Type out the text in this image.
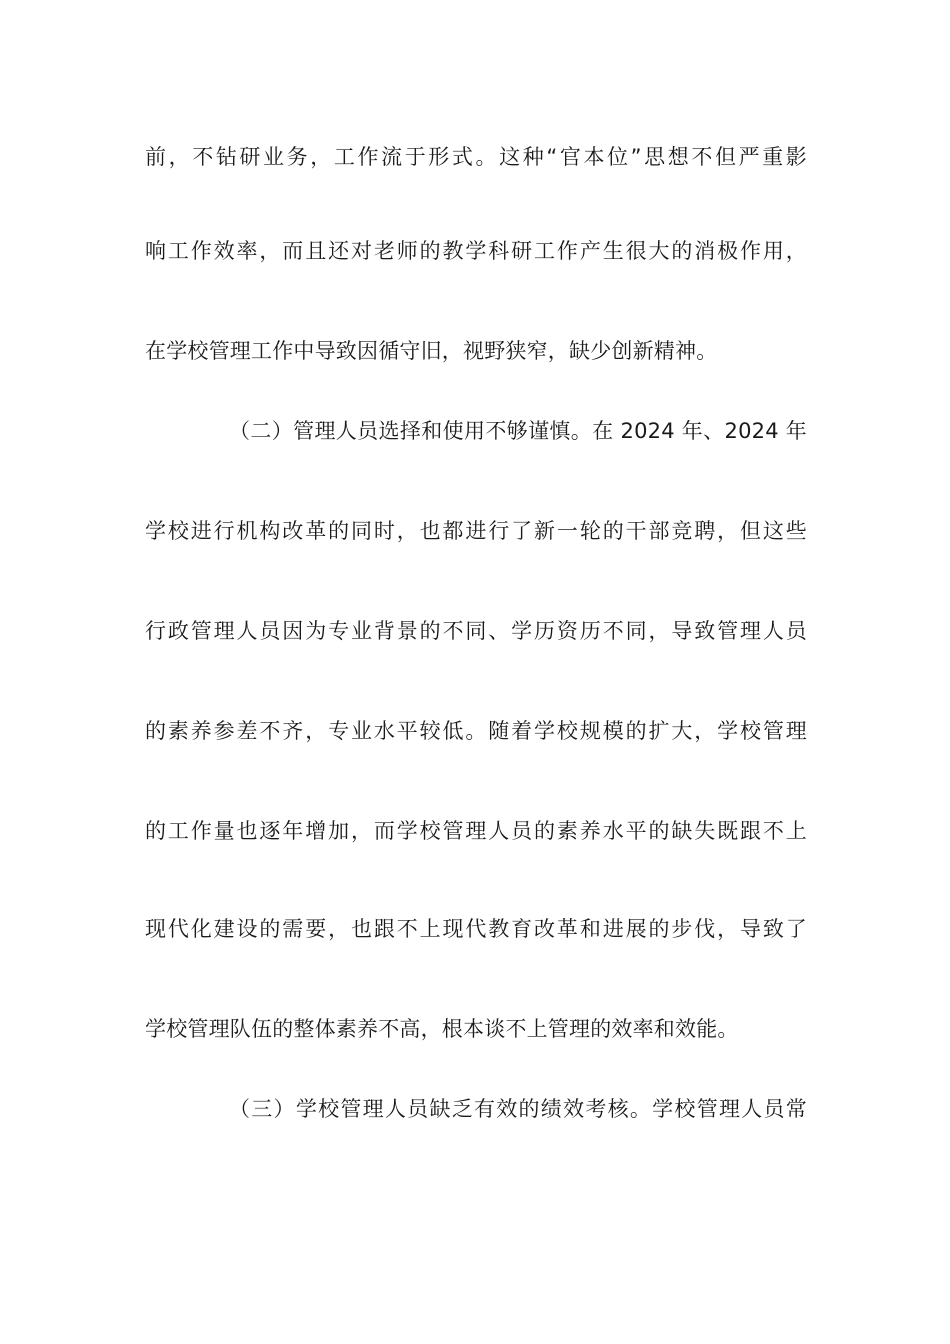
前，不钻研业务，工作流于形式。这种“官本位”思想不但严重影
响工作效率，而且还对老师的教学科研工作产生很大的消极作用，
在学校管理工作中导致因循守旧，视野狭窄，缺少创新精神。
（二）管理人员选择和使用不够谨慎。在 2024 年、2024 年
学校进行机构改革的同时，也都进行了新一轮的干部竞聘，但这些
行政管理人员因为专业背景的不同、学历资历不同，导致管理人员
的素养参差不齐，专业水平较低。随着学校规模的扩大，学校管理
的工作量也逐年增加，而学校管理人员的素养水平的缺失既跟不上
现代化建设的需要，也跟不上现代教育改革和进展的步伐，导致了
学校管理队伍的整体素养不高，根本谈不上管理的效率和效能。
（三）学校管理人员缺乏有效的绩效考核。学校管理人员常
